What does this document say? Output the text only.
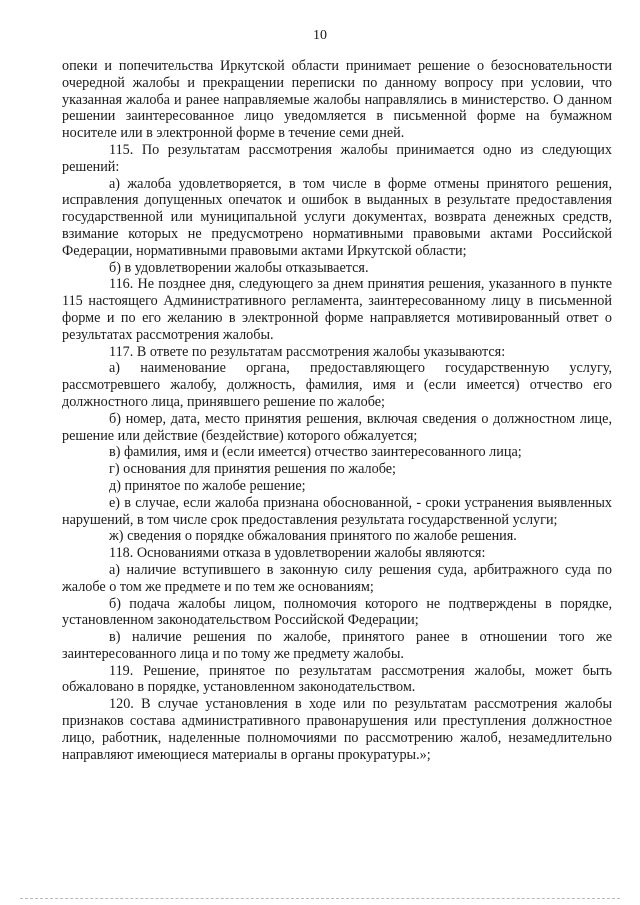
10

опеки и попечительства Иркутской области принимает решение о безосновательности очередной жалобы и прекращении переписки по данному вопросу при условии, что указанная жалоба и ранее направляемые жалобы направлялись в министерство. О данном решении заинтересованное лицо уведомляется в письменной форме на бумажном носителе или в электронной форме в течение семи дней.

115. По результатам рассмотрения жалобы принимается одно из следующих решений:

а) жалоба удовлетворяется, в том числе в форме отмены принятого решения, исправления допущенных опечаток и ошибок в выданных в результате предоставления государственной или муниципальной услуги документах, возврата денежных средств, взимание которых не предусмотрено нормативными правовыми актами Российской Федерации, нормативными правовыми актами Иркутской области;

б) в удовлетворении жалобы отказывается.

116. Не позднее дня, следующего за днем принятия решения, указанного в пункте 115 настоящего Административного регламента, заинтересованному лицу в письменной форме и по его желанию в электронной форме направляется мотивированный ответ о результатах рассмотрения жалобы.

117. В ответе по результатам рассмотрения жалобы указываются:

а) наименование органа, предоставляющего государственную услугу, рассмотревшего жалобу, должность, фамилия, имя и (если имеется) отчество его должностного лица, принявшего решение по жалобе;

б) номер, дата, место принятия решения, включая сведения о должностном лице, решение или действие (бездействие) которого обжалуется;

в) фамилия, имя и (если имеется) отчество заинтересованного лица;

г) основания для принятия решения по жалобе;

д) принятое по жалобе решение;

е) в случае, если жалоба признана обоснованной, - сроки устранения выявленных нарушений, в том числе срок предоставления результата государственной услуги;

ж) сведения о порядке обжалования принятого по жалобе решения.

118. Основаниями отказа в удовлетворении жалобы являются:

а) наличие вступившего в законную силу решения суда, арбитражного суда по жалобе о том же предмете и по тем же основаниям;

б) подача жалобы лицом, полномочия которого не подтверждены в порядке, установленном законодательством Российской Федерации;

в) наличие решения по жалобе, принятого ранее в отношении того же заинтересованного лица и по тому же предмету жалобы.

119. Решение, принятое по результатам рассмотрения жалобы, может быть обжаловано в порядке, установленном законодательством.

120. В случае установления в ходе или по результатам рассмотрения жалобы признаков состава административного правонарушения или преступления должностное лицо, работник, наделенные полномочиями по рассмотрению жалоб, незамедлительно направляют имеющиеся материалы в органы прокуратуры.»;
